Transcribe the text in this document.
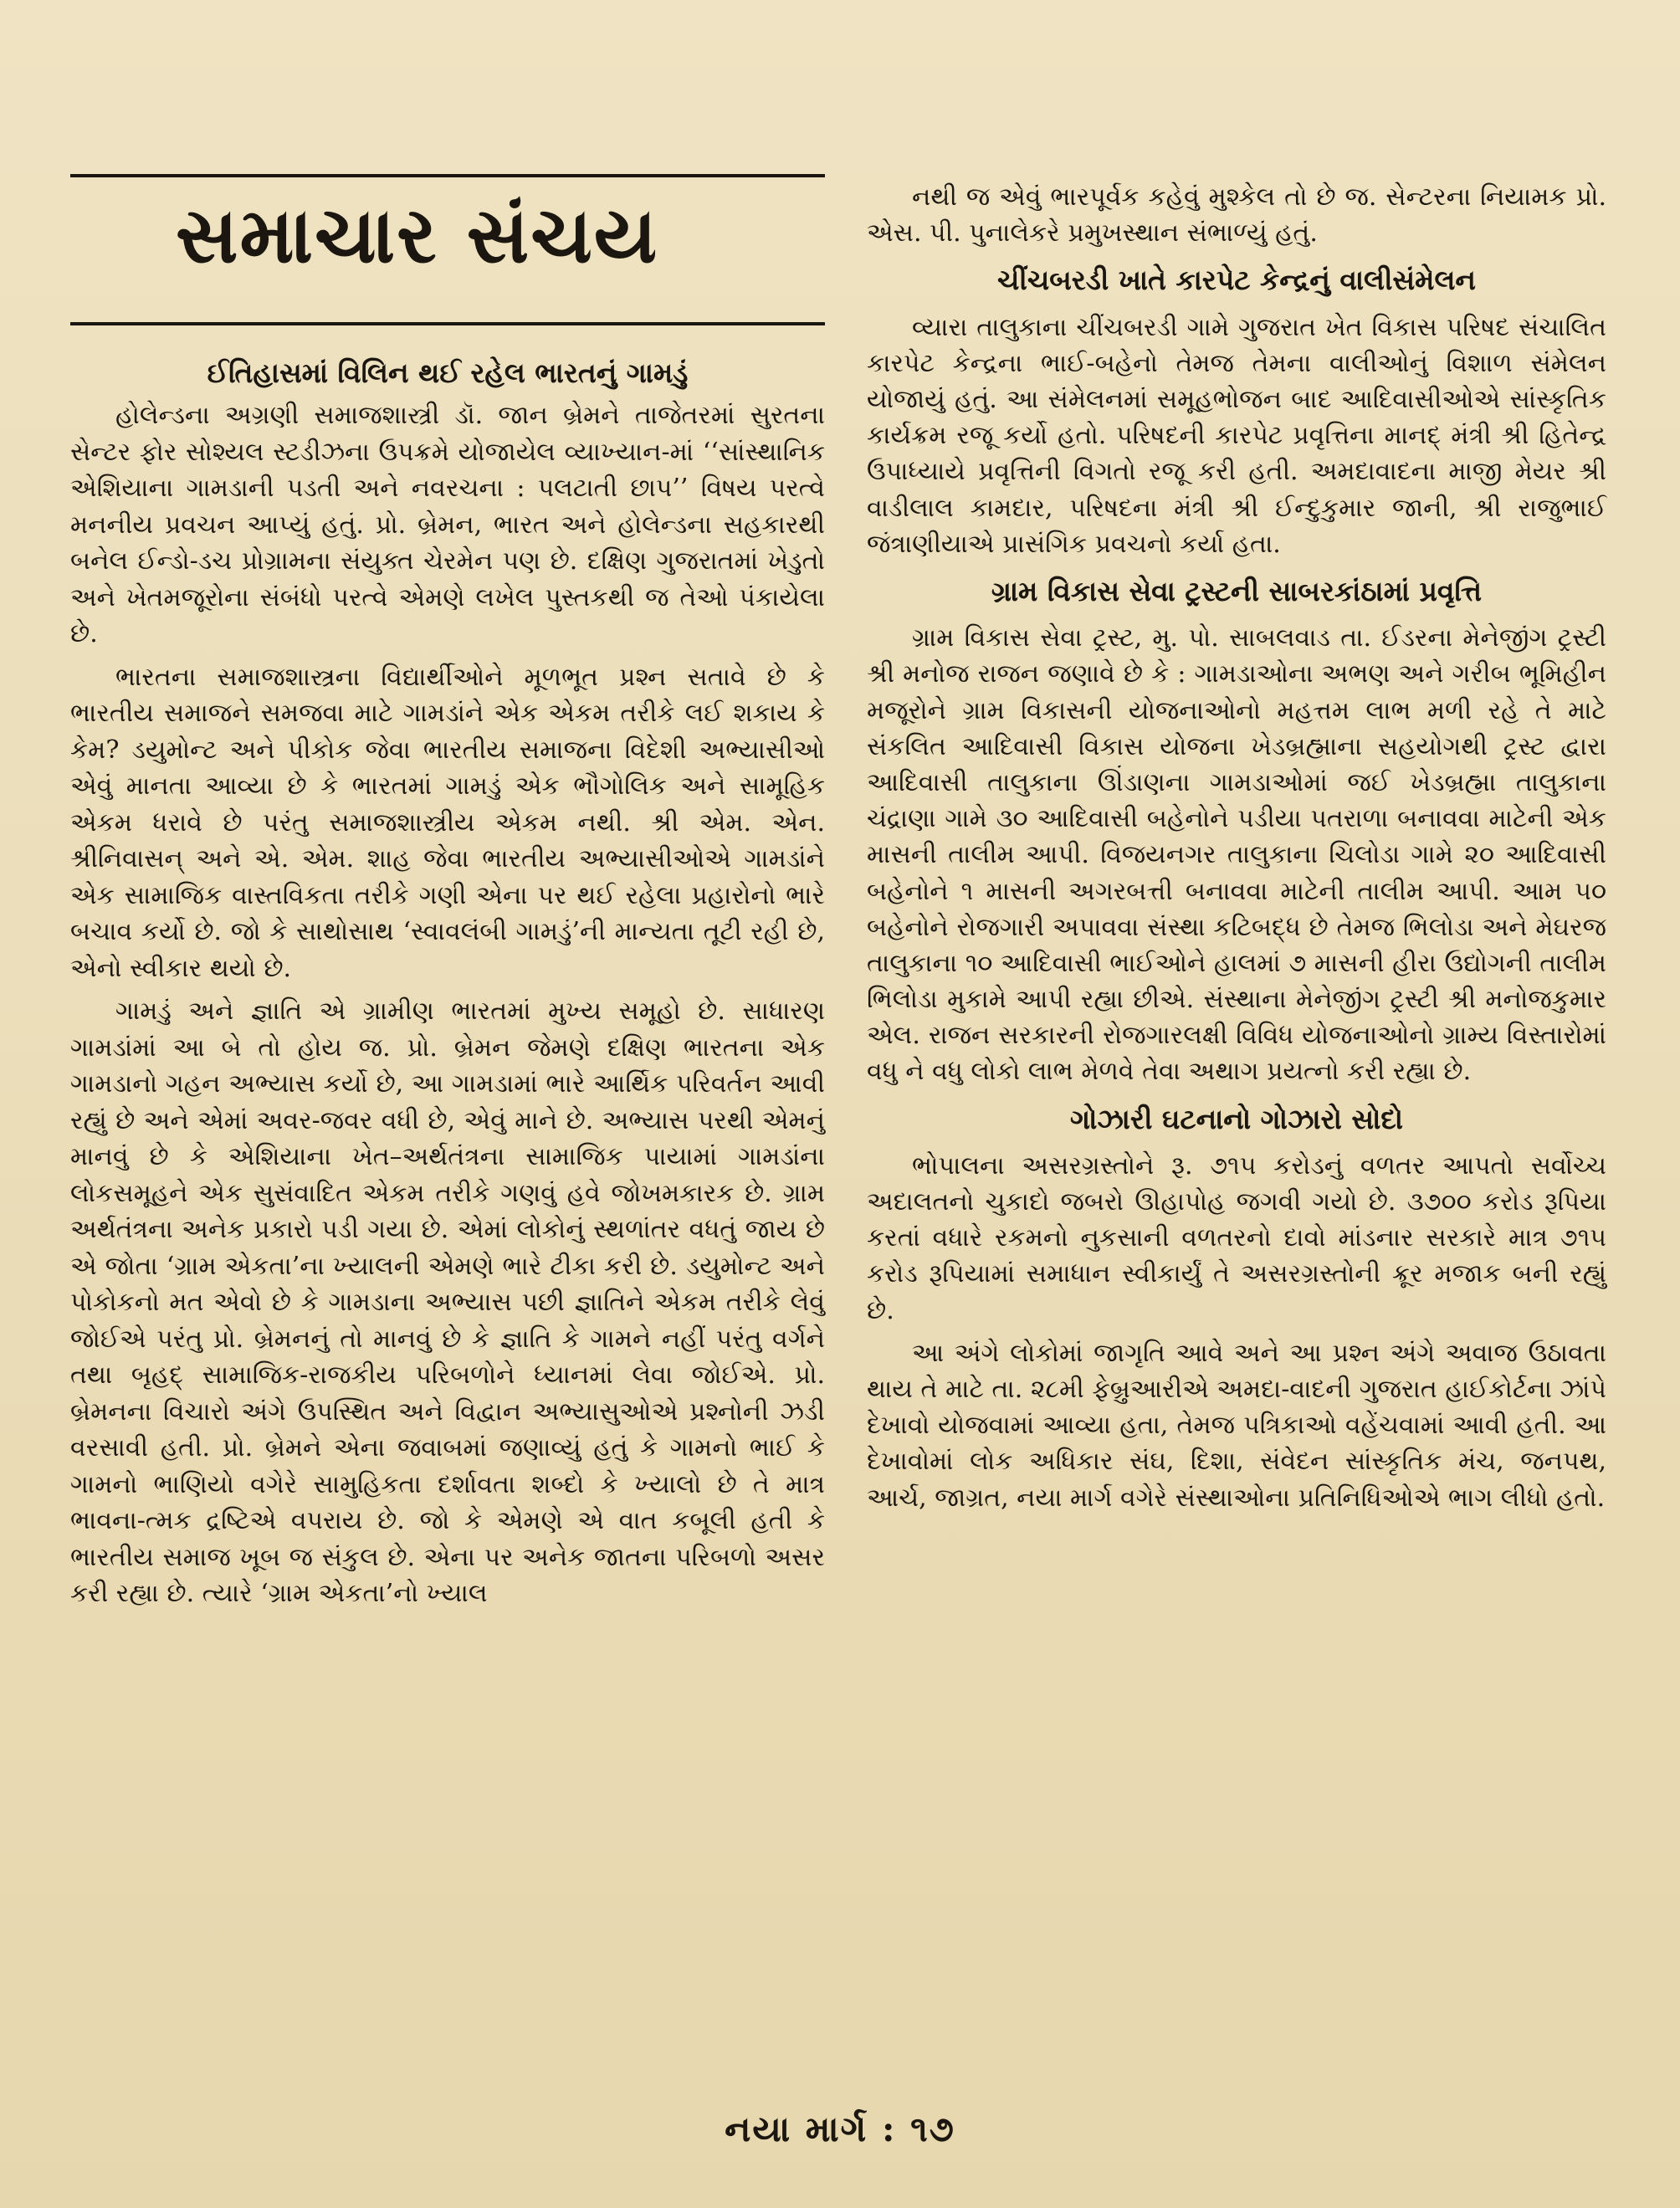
સમાચાર સંચય
ઈતિહાસમાં વિલિન થઈ રહેલ ભારતનું ગામડું

હોલેન્ડના અગ્રણી સમાજશાસ્ત્રી ડૉ. જાન બ્રેમને તાજેતરમાં સુરતના સેન્ટર ફોર સોશ્યલ સ્ટડીઝના ઉપક્રમે યોજાયેલ વ્યાખ્યાન-માં ‘‘સાંસ્થાનિક એશિયાના ગામડાની પડતી અને નવરચના : પલટાતી છાપ’’ વિષય પરત્વે મનનીય પ્રવચન આપ્યું હતું. પ્રો. બ્રેમન, ભારત અને હોલેન્ડના સહકારથી બનેલ ઈન્ડો-ડચ પ્રોગ્રામના સંયુક્ત ચેરમેન પણ છે. દક્ષિણ ગુજરાતમાં ખેડુતો અને ખેતમજૂરોના સંબંધો પરત્વે એમણે લખેલ પુસ્તકથી જ તેઓ પંકાયેલા છે.

ભારતના સમાજશાસ્ત્રના વિદ્યાર્થીઓને મૂળભૂત પ્રશ્ન સતાવે છે કે ભારતીય સમાજને સમજવા માટે ગામડાંને એક એકમ તરીકે લઈ શકાય કે કેમ? ડયુમોન્ટ અને પીકોક જેવા ભારતીય સમાજના વિદેશી અભ્યાસીઓ એવું માનતા આવ્યા છે કે ભારતમાં ગામડું એક ભૌગોલિક અને સામૂહિક એકમ ધરાવે છે પરંતુ સમાજશાસ્ત્રીય એકમ નથી. શ્રી એમ. એન. શ્રીનિવાસન્ અને એ. એમ. શાહ જેવા ભારતીય અભ્યાસીઓએ ગામડાંને એક સામાજિક વાસ્તવિકતા તરીકે ગણી એના પર થઈ રહેલા પ્રહારોનો ભારે બચાવ કર્યો છે. જો કે સાથોસાથ ‘સ્વાવલંબી ગામડું’ની માન્યતા તૂટી રહી છે, એનો સ્વીકાર થયો છે.

ગામડું અને જ્ઞાતિ એ ગ્રામીણ ભારતમાં મુખ્ય સમૂહો છે. સાધારણ ગામડાંમાં આ બે તો હોય જ. પ્રો. બ્રેમન જેમણે દક્ષિણ ભારતના એક ગામડાનો ગહન અભ્યાસ કર્યો છે, આ ગામડામાં ભારે આર્થિક પરિવર્તન આવી રહ્યું છે અને એમાં અવર-જવર વધી છે, એવું માને છે. અભ્યાસ પરથી એમનું માનવું છે કે એશિયાના ખેત–અર્થતંત્રના સામાજિક પાયામાં ગામડાંના લોકસમૂહને એક સુસંવાદિત એકમ તરીકે ગણવું હવે જોખમકારક છે. ગ્રામ અર્થતંત્રના અનેક પ્રકારો પડી ગયા છે. એમાં લોકોનું સ્થળાંતર વધતું જાય છે એ જોતા ‘ગ્રામ એકતા’ના ખ્યાલની એમણે ભારે ટીકા કરી છે. ડયુમોન્ટ અને પોકોકનો મત એવો છે કે ગામડાના અભ્યાસ પછી જ્ઞાતિને એકમ તરીકે લેવું જોઈએ પરંતુ પ્રો. બ્રેમનનું તો માનવું છે કે જ્ઞાતિ કે ગામને નહીં પરંતુ વર્ગને તથા બૃહદ્ સામાજિક-રાજકીય પરિબળોને ધ્યાનમાં લેવા જોઈએ. પ્રો. બ્રેમનના વિચારો અંગે ઉપસ્થિત અને વિદ્વાન અભ્યાસુઓએ પ્રશ્નોની ઝડી વરસાવી હતી. પ્રો. બ્રેમને એના જવાબમાં જણાવ્યું હતું કે ગામનો ભાઈ કે ગામનો ભાણિયો વગેરે સામુહિકતા દર્શાવતા શબ્દો કે ખ્યાલો છે તે માત્ર ભાવના-ત્મક દ્રષ્ટિએ વપરાય છે. જો કે એમણે એ વાત કબૂલી હતી કે ભારતીય સમાજ ખૂબ જ સંકુલ છે. એના પર અનેક જાતના પરિબળો અસર કરી રહ્યા છે. ત્યારે ‘ગ્રામ એકતા’નો ખ્યાલ

નથી જ એવું ભારપૂર્વક કહેવું મુશ્કેલ તો છે જ. સેન્ટરના નિયામક પ્રો. એસ. પી. પુનાલેકરે પ્રમુખસ્થાન સંભાળ્યું હતું.

ચીંચબરડી ખાતે કારપેટ કેન્દ્રનું વાલીસંમેલન

વ્યારા તાલુકાના ચીંચબરડી ગામે ગુજરાત ખેત વિકાસ પરિષદ સંચાલિત કારપેટ કેન્દ્રના ભાઈ-બહેનો તેમજ તેમના વાલીઓનું વિશાળ સંમેલન યોજાયું હતું. આ સંમેલનમાં સમૂહભોજન બાદ આદિવાસીઓએ સાંસ્કૃતિક કાર્યક્રમ રજૂ કર્યો હતો. પરિષદની કારપેટ પ્રવૃત્તિના માનદ્ મંત્રી શ્રી હિતેન્દ્ર ઉપાધ્યાયે પ્રવૃત્તિની વિગતો રજૂ કરી હતી. અમદાવાદના માજી મેયર શ્રી વાડીલાલ કામદાર, પરિષદના મંત્રી શ્રી ઈન્દુકુમાર જાની, શ્રી રાજુભાઈ જંત્રાણીયાએ પ્રાસંગિક પ્રવચનો કર્યા હતા.

ગ્રામ વિકાસ સેવા ટ્રસ્ટની સાબરકાંઠામાં પ્રવૃત્તિ

ગ્રામ વિકાસ સેવા ટ્રસ્ટ, મુ. પો. સાબલવાડ તા. ઈડરના મેનેજીંગ ટ્રસ્ટી શ્રી મનોજ રાજન જણાવે છે કે : ગામડાઓના અભણ અને ગરીબ ભૂમિહીન મજૂરોને ગ્રામ વિકાસની યોજનાઓનો મહત્તમ લાભ મળી રહે તે માટે સંકલિત આદિવાસી વિકાસ યોજના ખેડબ્રહ્માના સહયોગથી ટ્રસ્ટ દ્વારા આદિવાસી તાલુકાના ઊંડાણના ગામડાઓમાં જઈ ખેડબ્રહ્મા તાલુકાના ચંદ્રાણા ગામે ૩૦ આદિવાસી બહેનોને પડીયા પતરાળા બનાવવા માટેની એક માસની તાલીમ આપી. વિજયનગર તાલુકાના ચિલોડા ગામે ૨૦ આદિવાસી બહેનોને ૧ માસની અગરબત્તી બનાવવા માટેની તાલીમ આપી. આમ ૫૦ બહેનોને રોજગારી અપાવવા સંસ્થા કટિબદ્ધ છે તેમજ ભિલોડા અને મેઘરજ તાલુકાના ૧૦ આદિવાસી ભાઈઓને હાલમાં ૭ માસની હીરા ઉદ્યોગની તાલીમ ભિલોડા મુકામે આપી રહ્યા છીએ. સંસ્થાના મેનેજીંગ ટ્રસ્ટી શ્રી મનોજકુમાર એલ. રાજન સરકારની રોજગારલક્ષી વિવિધ યોજનાઓનો ગ્રામ્ય વિસ્તારોમાં વધુ ને વધુ લોકો લાભ મેળવે તેવા અથાગ પ્રયત્નો કરી રહ્યા છે.

ગોઝારી ઘટનાનો ગોઝારો સોદો

ભોપાલના અસરગ્રસ્તોને રૂ. ૭૧૫ કરોડનું વળતર આપતો સર્વોચ્ચ અદાલતનો ચુકાદો જબરો ઊહાપોહ જગવી ગયો છે. ૩૭૦૦ કરોડ રૂપિયા કરતાં વધારે રકમનો નુકસાની વળતરનો દાવો માંડનાર સરકારે માત્ર ૭૧૫ કરોડ રૂપિયામાં સમાધાન સ્વીકાર્યું તે અસરગ્રસ્તોની ક્રૂર મજાક બની રહ્યું છે.

આ અંગે લોકોમાં જાગૃતિ આવે અને આ પ્રશ્ન અંગે અવાજ ઉઠાવતા થાય તે માટે તા. ૨૮મી ફેબ્રુઆરીએ અમદા-વાદની ગુજરાત હાઈકોર્ટના ઝાંપે દેખાવો યોજવામાં આવ્યા હતા, તેમજ પત્રિકાઓ વહેંચવામાં આવી હતી. આ દેખાવોમાં લોક અધિકાર સંઘ, દિશા, સંવેદન સાંસ્કૃતિક મંચ, જનપથ, આર્ચ, જાગ્રત, નયા માર્ગ વગેરે સંસ્થાઓના પ્રતિનિધિઓએ ભાગ લીધો હતો.

નયા માર્ગ : ૧૭
